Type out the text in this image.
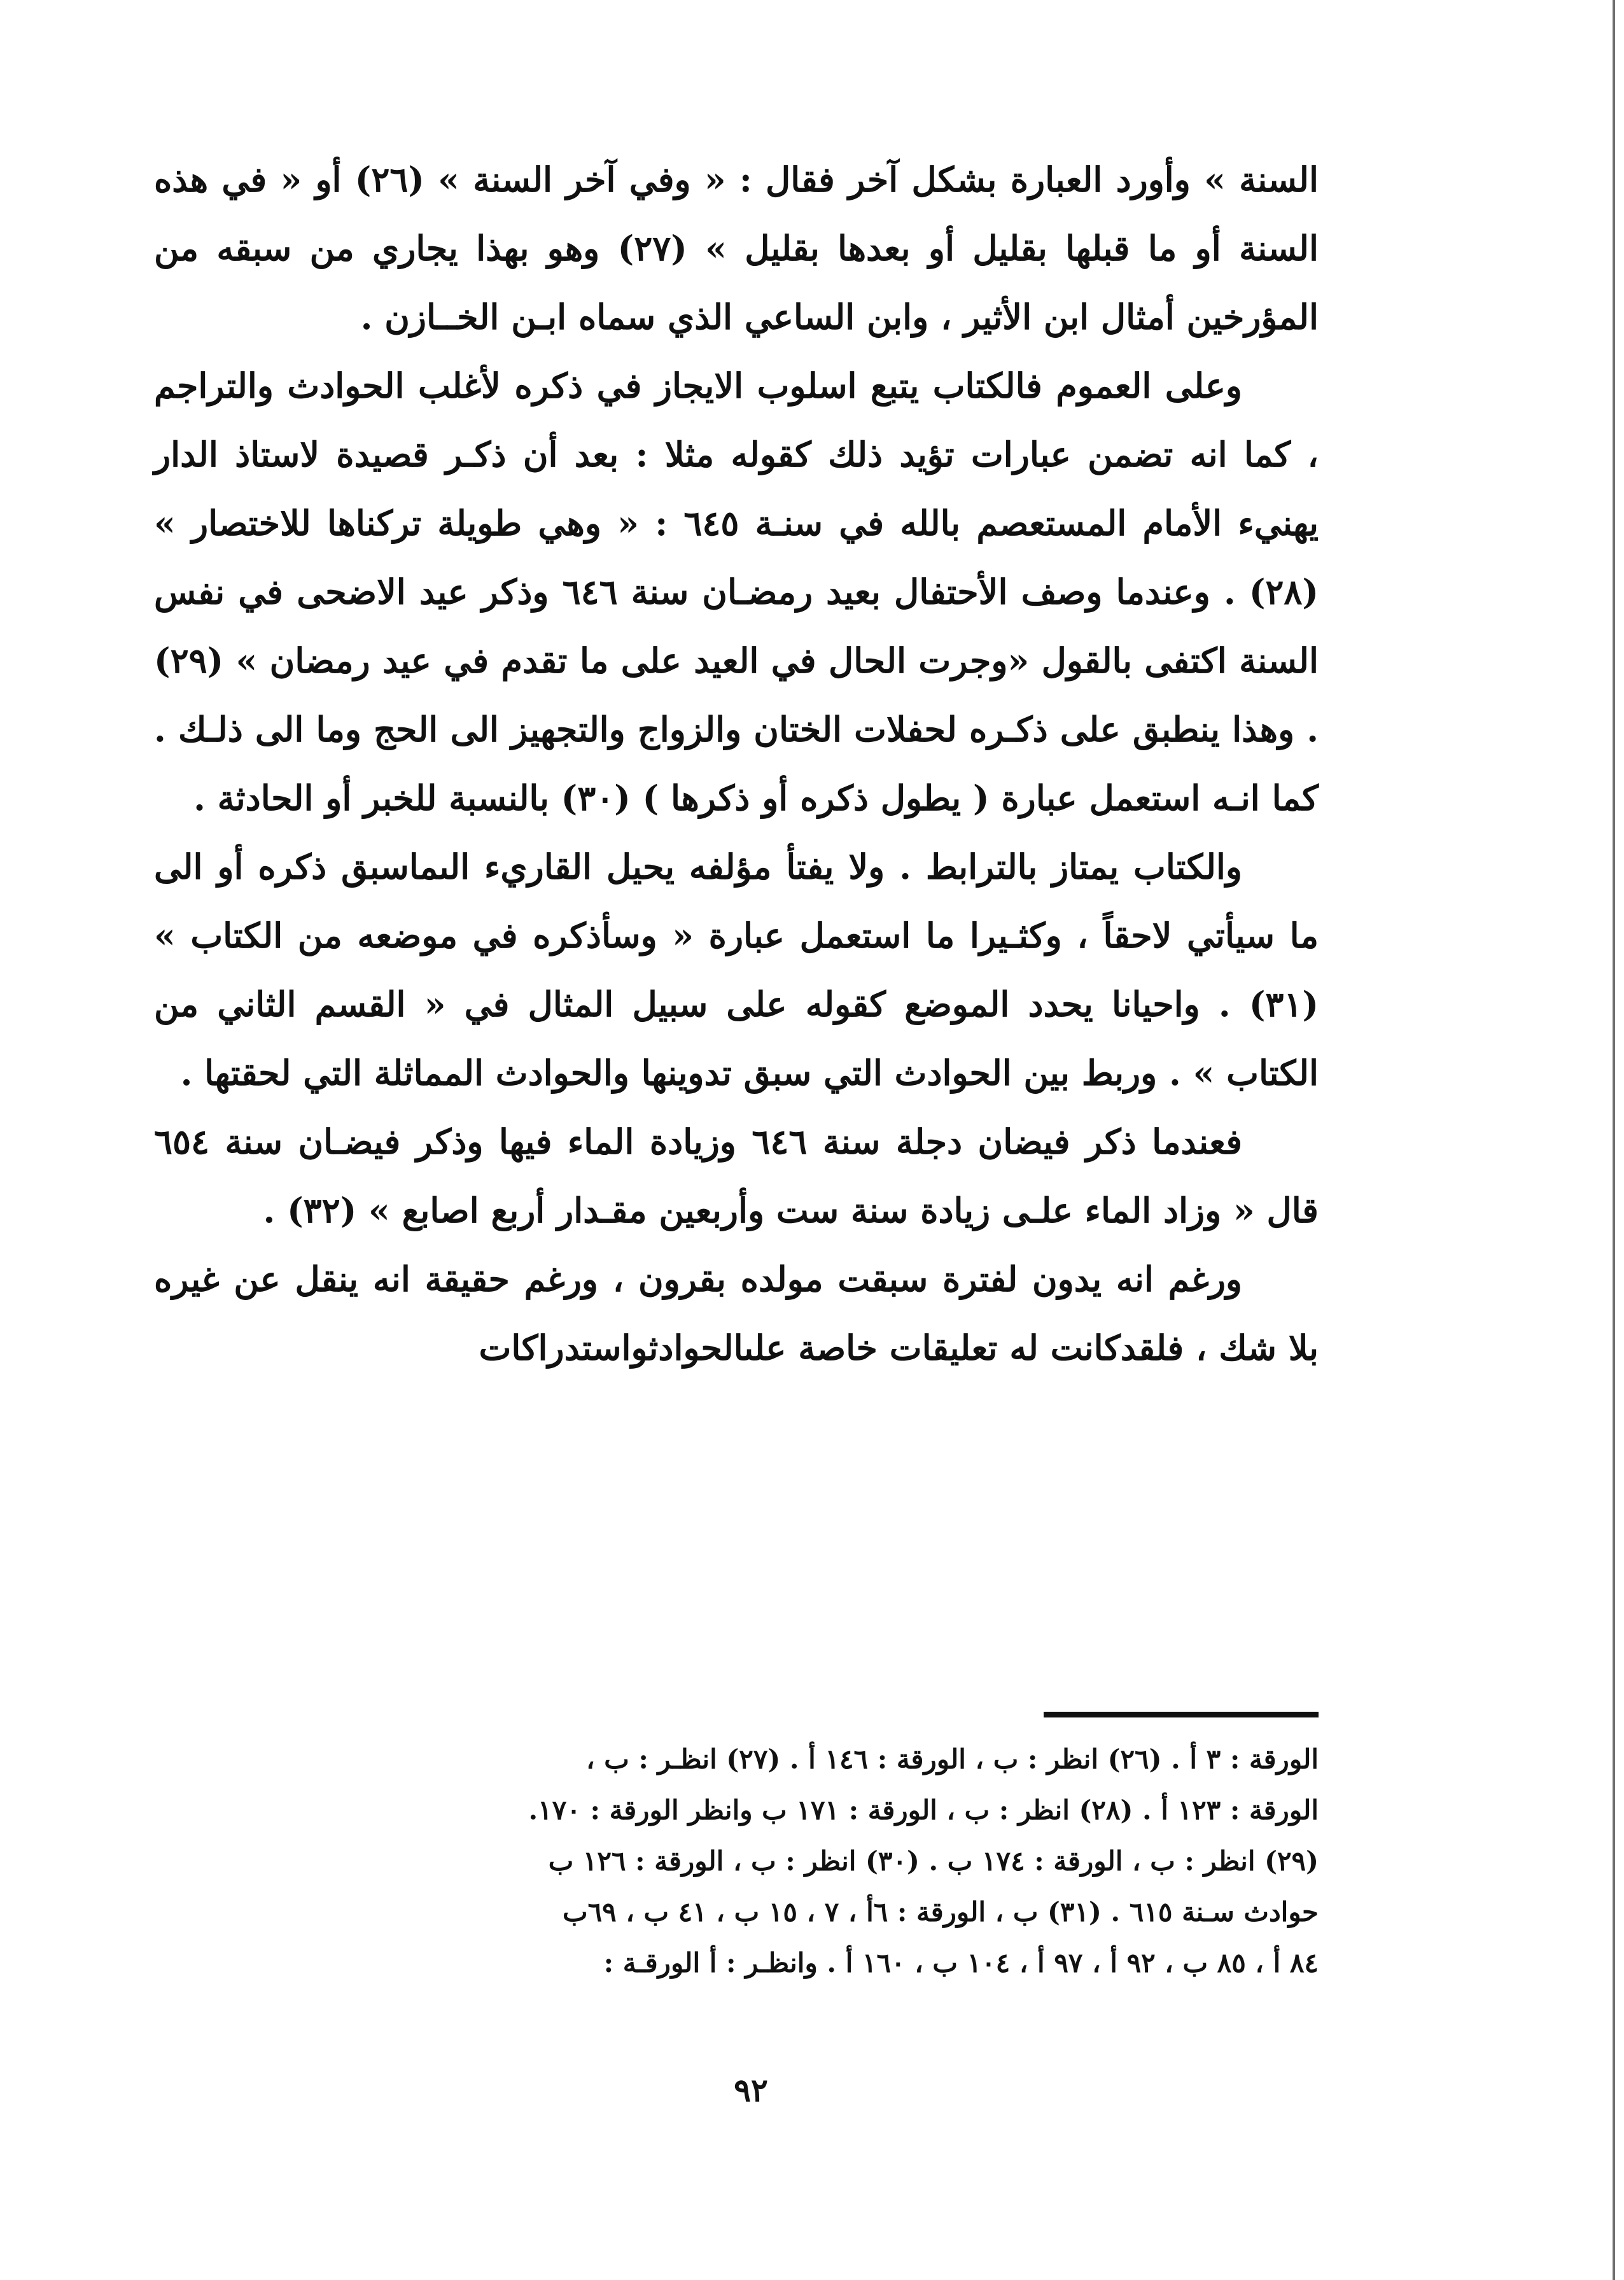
السنة » وأورد العبارة بشكل آخر فقال : « وفي آخر السنة » (٢٦) أو « في هذه السنة أو ما قبلها بقليل أو بعدها بقليل » (٢٧) وهو بهذا يجاري من سبقه من المؤرخين أمثال ابن الأثير ، وابن الساعي الذي سماه ابـن الخــازن .

وعلى العموم فالكتاب يتبع اسلوب الايجاز في ذكره لأغلب الحوادث والتراجم ، كما انه تضمن عبارات تؤيد ذلك كقوله مثلا : بعد أن ذكـر قصيدة لاستاذ الدار يهنيء الأمام المستعصم بالله في سنـة ٦٤٥ : « وهي طويلة تركناها للاختصار » (٢٨) . وعندما وصف الأحتفال بعيد رمضـان سنة ٦٤٦ وذكر عيد الاضحى في نفس السنة اكتفى بالقول «وجرت الحال في العيد على ما تقدم في عيد رمضان » (٢٩) . وهذا ينطبق على ذكـره لحفلات الختان والزواج والتجهيز الى الحج وما الى ذلـك . كما انـه استعمل عبارة ( يطول ذكره أو ذكرها ) (٣٠) بالنسبة للخبر أو الحادثة .

والكتاب يمتاز بالترابط . ولا يفتأ مؤلفه يحيل القاريء الىماسبق ذكره أو الى ما سيأتي لاحقاً ، وكثـيرا ما استعمل عبارة « وسأذكره في موضعه من الكتاب » (٣١) . واحيانا يحدد الموضع كقوله على سبيل المثال في « القسم الثاني من الكتاب » . وربط بين الحوادث التي سبق تدوينها والحوادث المماثلة التي لحقتها .

فعندما ذكر فيضان دجلة سنة ٦٤٦ وزيادة الماء فيها وذكر فيضـان سنة ٦٥٤ قال « وزاد الماء علـى زيادة سنة ست وأربعين مقـدار أربع اصابع » (٣٢) .

ورغم انه يدون لفترة سبقت مولده بقرون ، ورغم حقيقة انه ينقل عن غيره بلا شك ، فلقدكانت له تعليقات خاصة علىالحوادثواستدراكات

الورقة : ٣ أ . (٢٦) انظر : ب ، الورقة : ١٤٦ أ . (٢٧) انظـر : ب ،
الورقة : ١٢٣ أ . (٢٨) انظر : ب ، الورقة : ١٧١ ب وانظر الورقة : ١٧٠.
(٢٩) انظر : ب ، الورقة : ١٧٤ ب . (٣٠) انظر : ب ، الورقة : ١٢٦ ب
حوادث سـنة ٦١٥ . (٣١) ب ، الورقة : ٦أ ، ٧ ، ١٥ ب ، ٤١ ب ، ٦٩ب
٨٤ أ ، ٨٥ ب ، ٩٢ أ ، ٩٧ أ ، ١٠٤ ب ، ١٦٠ أ . وانظـر : أ الورقـة :
٩٢
